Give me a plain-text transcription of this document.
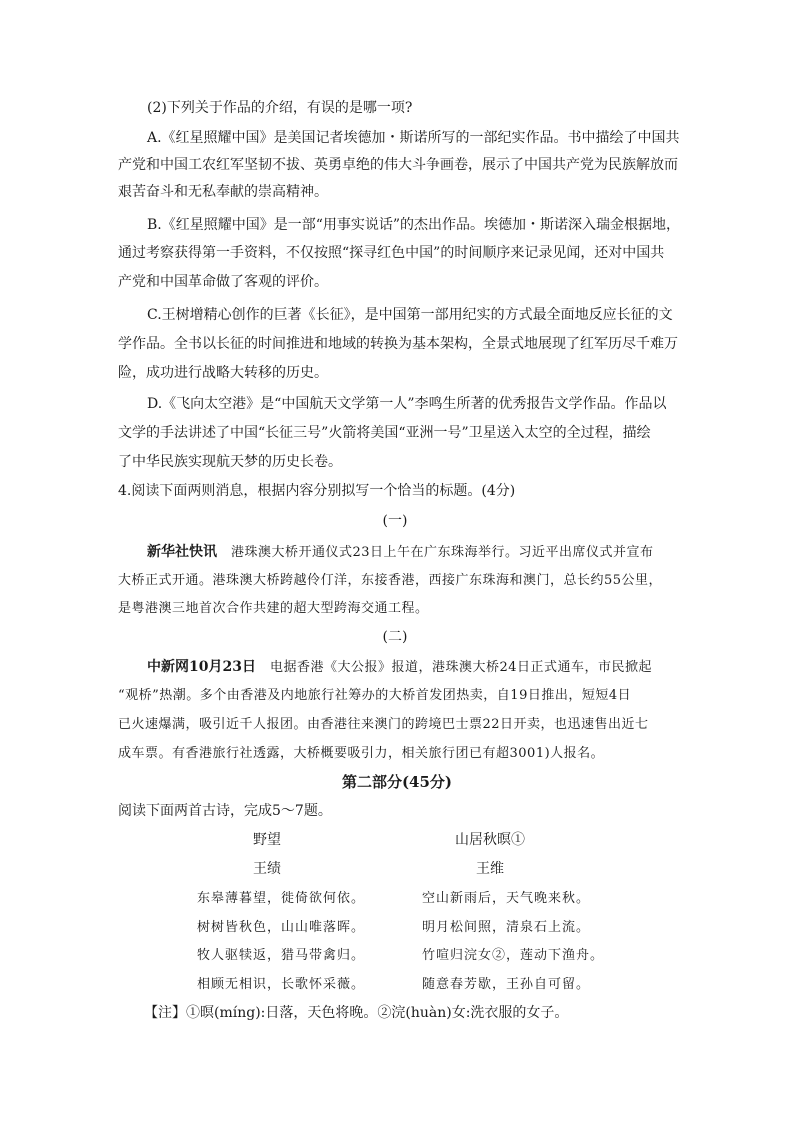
(2)下列关于作品的介绍，有误的是哪一项?
A.《红星照耀中国》是美国记者埃德加・斯诺所写的一部纪实作品。书中描绘了中国共
产党和中国工农红军坚韧不拔、英勇卓绝的伟大斗争画卷，展示了中国共产党为民族解放而
艰苦奋斗和无私奉献的崇高精神。
B.《红星照耀中国》是一部“用事实说话”的杰出作品。埃德加・斯诺深入瑞金根据地，
通过考察获得第一手资料，不仅按照“探寻红色中国”的时间顺序来记录见闻，还对中国共
产党和中国革命做了客观的评价。
C.王树增精心创作的巨著《长征》，是中国第一部用纪实的方式最全面地反应长征的文
学作品。全书以长征的时间推进和地域的转换为基本架构，全景式地展现了红军历尽千难万
险，成功进行战略大转移的历史。
D.《飞向太空港》是“中国航天文学第一人”李鸣生所著的优秀报告文学作品。作品以
文学的手法讲述了中国“长征三号”火箭将美国“亚洲一号”卫星送入太空的全过程，描绘
了中华民族实现航天梦的历史长卷。
4.阅读下面两则消息，根据内容分别拟写一个恰当的标题。(4分)
(一)
新华社快讯 港珠澳大桥开通仪式23日上午在广东珠海举行。习近平出席仪式并宣布
大桥正式开通。港珠澳大桥跨越伶仃洋，东接香港，西接广东珠海和澳门，总长约55公里，
是粤港澳三地首次合作共建的超大型跨海交通工程。
(二)
中新网10月23日 电据香港《大公报》报道，港珠澳大桥24日正式通车，市民掀起
“观桥”热潮。多个由香港及内地旅行社筹办的大桥首发团热卖，自19日推出，短短4日
已火速爆满，吸引近千人报团。由香港往来澳门的跨境巴士票22日开卖，也迅速售出近七
成车票。有香港旅行社透露，大桥概要吸引力，相关旅行团已有超3001)人报名。
第二部分(45分)
阅读下面两首古诗，完成5～7题。
野望	山居秋暝①
王绩	王维
东皋薄暮望，徙倚欲何依。	空山新雨后，天气晚来秋。
树树皆秋色，山山唯落晖。	明月松间照，清泉石上流。
牧人驱犊返，猎马带禽归。	竹喧归浣女②，莲动下渔舟。
相顾无相识，长歌怀采薇。	随意春芳歇，王孙自可留。
【注】①暝(míng):日落，天色将晚。②浣(huàn)女:洗衣服的女子。
